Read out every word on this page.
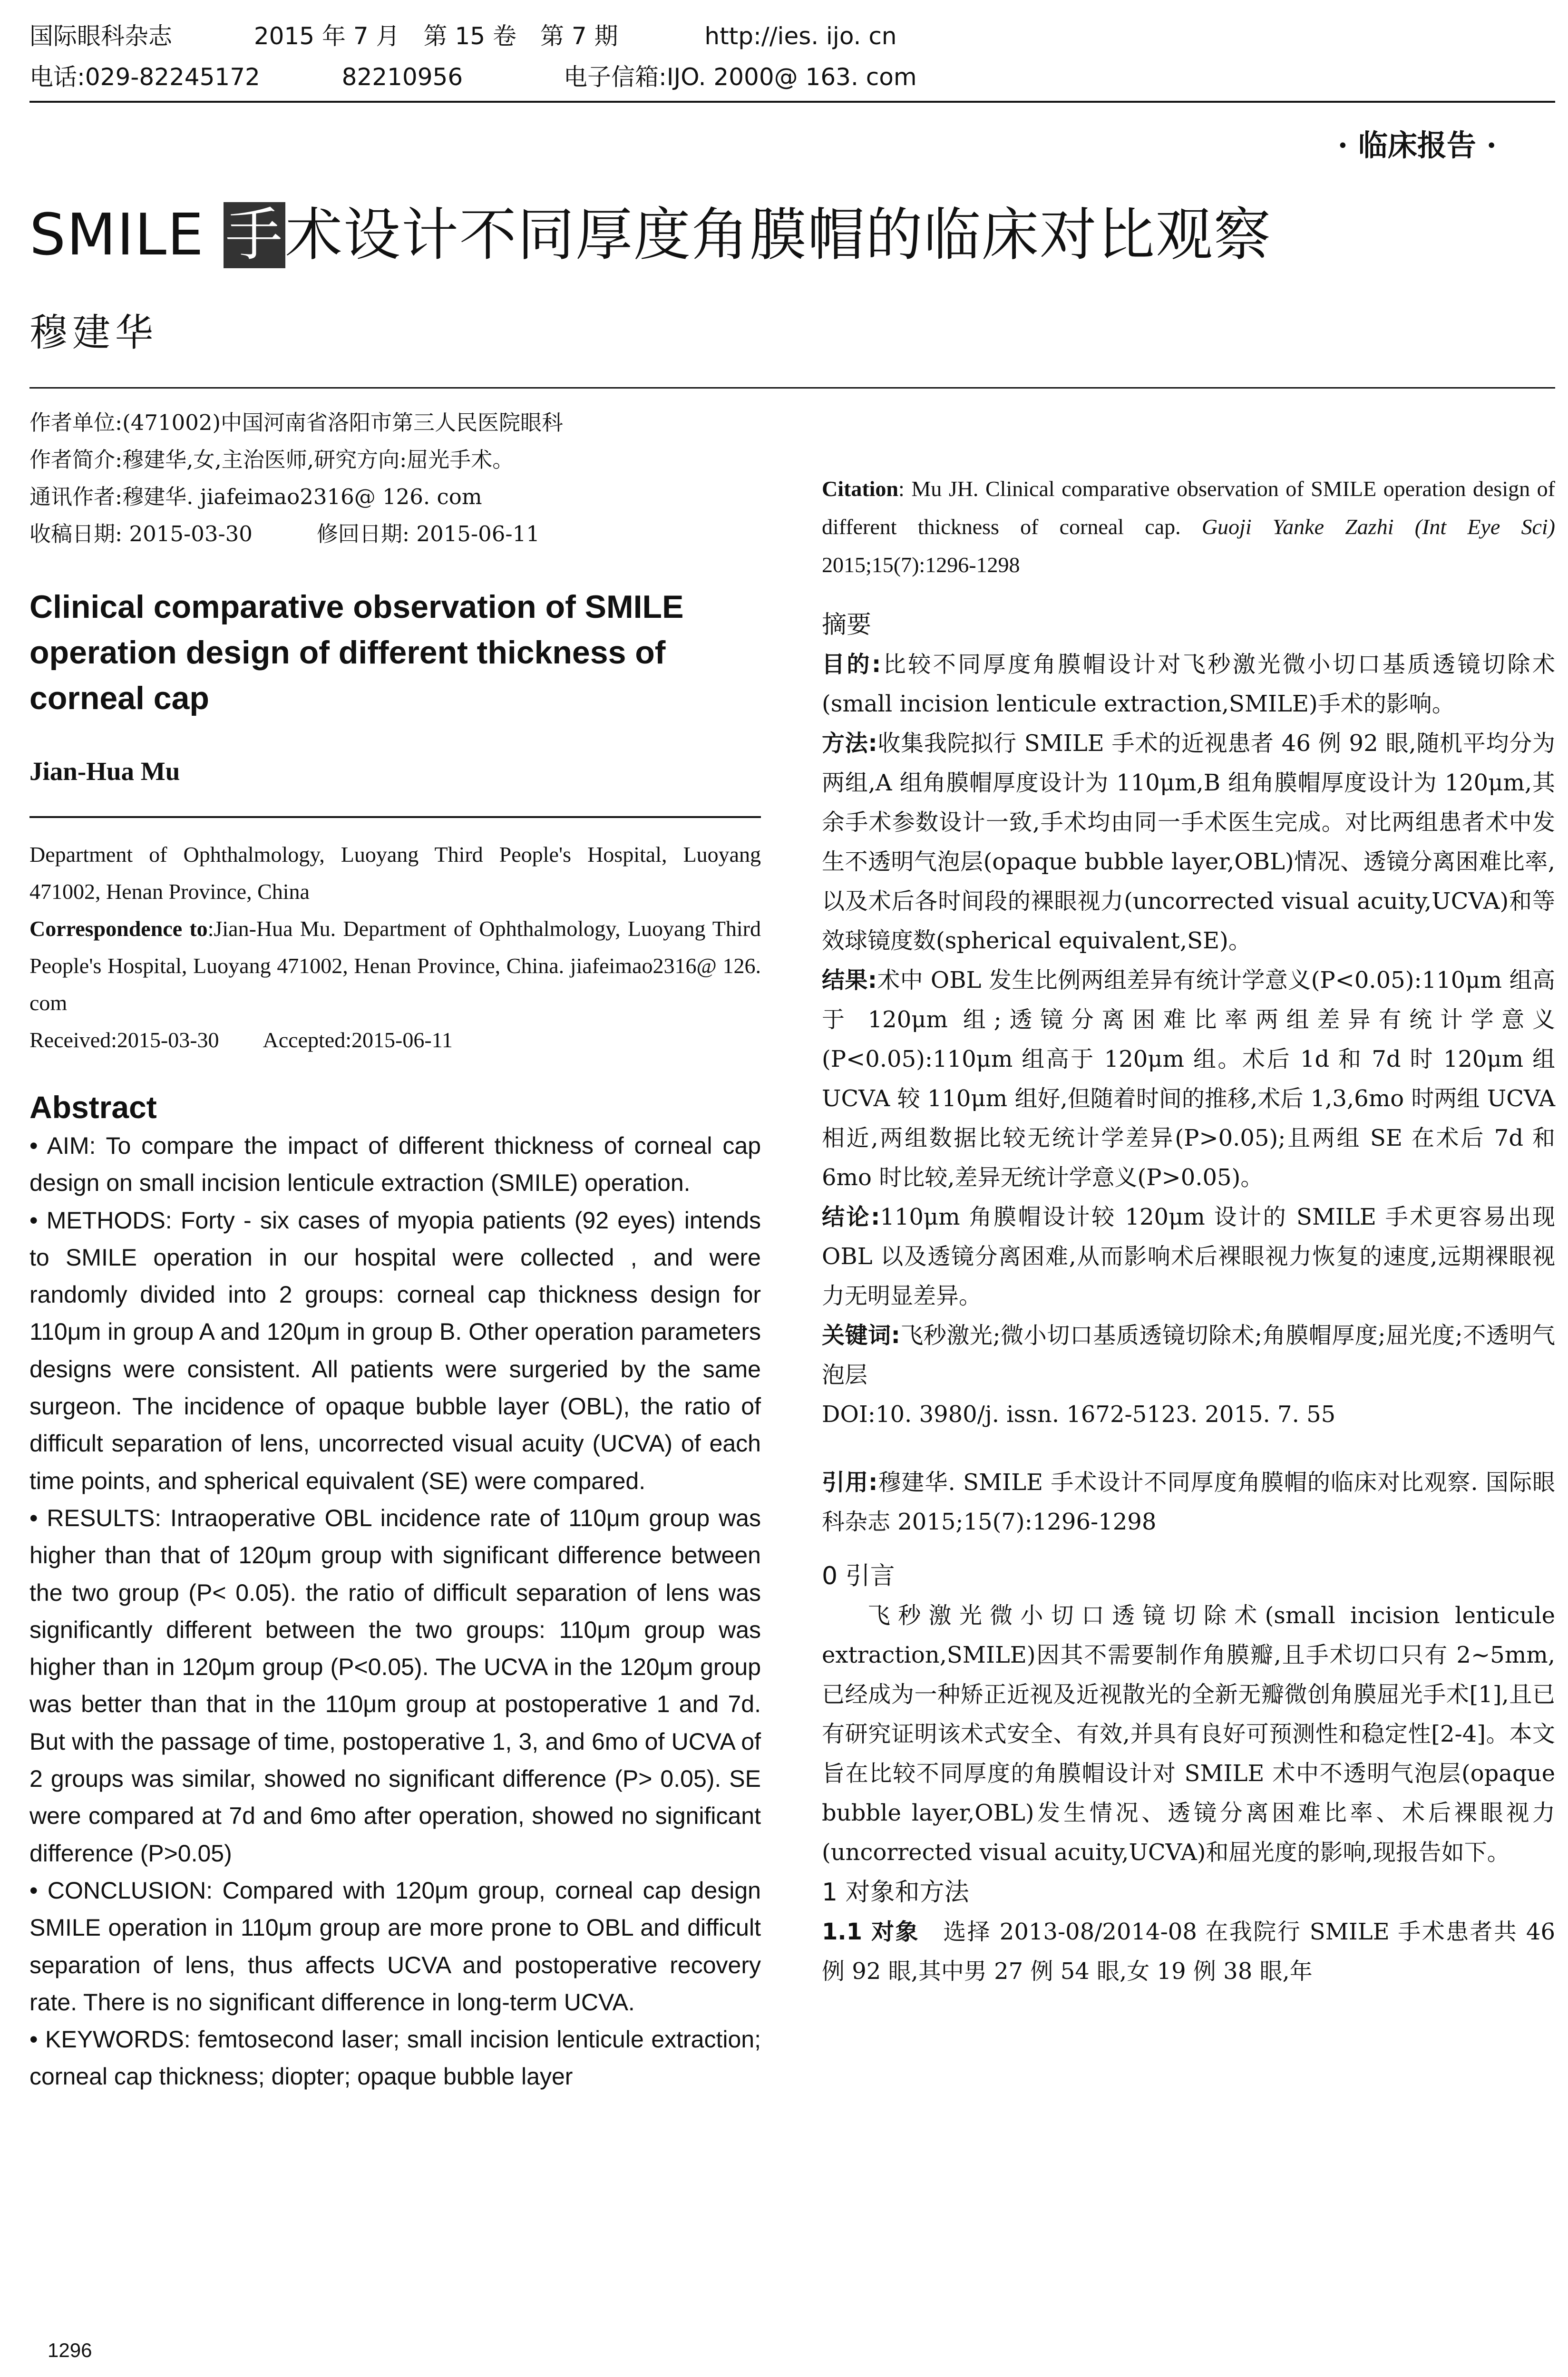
国际眼科杂志	2015 年 7 月　第 15 卷　第 7 期	http://ies. ijo. cn
电话:029-82245172	82210956	电子信箱:IJO. 2000@ 163. com
· 临床报告 ·
SMILE 手术设计不同厚度角膜帽的临床对比观察
穆建华

作者单位:(471002)中国河南省洛阳市第三人民医院眼科

作者简介:穆建华,女,主治医师,研究方向:屈光手术。

通讯作者:穆建华. jiafeimao2316@ 126. com

收稿日期: 2015-03-30　　　修回日期: 2015-06-11

Clinical comparative observation of SMILE operation design of different thickness of corneal cap

Jian-Hua Mu

Department of Ophthalmology, Luoyang Third People's Hospital, Luoyang 471002, Henan Province, China

Correspondence to:Jian-Hua Mu. Department of Ophthalmology, Luoyang Third People's Hospital, Luoyang 471002, Henan Province, China. jiafeimao2316@ 126. com

Received:2015-03-30　　Accepted:2015-06-11

Abstract

• AIM: To compare the impact of different thickness of corneal cap design on small incision lenticule extraction (SMILE) operation.

• METHODS: Forty - six cases of myopia patients (92 eyes) intends to SMILE operation in our hospital were collected , and were randomly divided into 2 groups: corneal cap thickness design for 110μm in group A and 120μm in group B. Other operation parameters designs were consistent. All patients were surgeried by the same surgeon. The incidence of opaque bubble layer (OBL), the ratio of difficult separation of lens, uncorrected visual acuity (UCVA) of each time points, and spherical equivalent (SE) were compared.

• RESULTS: Intraoperative OBL incidence rate of 110μm group was higher than that of 120μm group with significant difference between the two group (P< 0.05). the ratio of difficult separation of lens was significantly different between the two groups: 110μm group was higher than in 120μm group (P<0.05). The UCVA in the 120μm group was better than that in the 110μm group at postoperative 1 and 7d. But with the passage of time, postoperative 1, 3, and 6mo of UCVA of 2 groups was similar, showed no significant difference (P> 0.05). SE were compared at 7d and 6mo after operation, showed no significant difference (P>0.05)

• CONCLUSION: Compared with 120μm group, corneal cap design SMILE operation in 110μm group are more prone to OBL and difficult separation of lens, thus affects UCVA and postoperative recovery rate. There is no significant difference in long-term UCVA.

• KEYWORDS: femtosecond laser; small incision lenticule extraction; corneal cap thickness; diopter; opaque bubble layer

Citation: Mu JH. Clinical comparative observation of SMILE operation design of different thickness of corneal cap. Guoji Yanke Zazhi (Int Eye Sci) 2015;15(7):1296-1298

摘要

目的:比较不同厚度角膜帽设计对飞秒激光微小切口基质透镜切除术(small incision lenticule extraction,SMILE)手术的影响。

方法:收集我院拟行 SMILE 手术的近视患者 46 例 92 眼,随机平均分为两组,A 组角膜帽厚度设计为 110μm,B 组角膜帽厚度设计为 120μm,其余手术参数设计一致,手术均由同一手术医生完成。对比两组患者术中发生不透明气泡层(opaque bubble layer,OBL)情况、透镜分离困难比率,以及术后各时间段的裸眼视力(uncorrected visual acuity,UCVA)和等效球镜度数(spherical equivalent,SE)。

结果:术中 OBL 发生比例两组差异有统计学意义(P<0.05):110μm 组高于 120μm 组;透镜分离困难比率两组差异有统计学意义(P<0.05):110μm 组高于 120μm 组。术后 1d 和 7d 时 120μm 组 UCVA 较 110μm 组好,但随着时间的推移,术后 1,3,6mo 时两组 UCVA 相近,两组数据比较无统计学差异(P>0.05);且两组 SE 在术后 7d 和 6mo 时比较,差异无统计学意义(P>0.05)。

结论:110μm 角膜帽设计较 120μm 设计的 SMILE 手术更容易出现 OBL 以及透镜分离困难,从而影响术后裸眼视力恢复的速度,远期裸眼视力无明显差异。

关键词:飞秒激光;微小切口基质透镜切除术;角膜帽厚度;屈光度;不透明气泡层

DOI:10. 3980/j. issn. 1672-5123. 2015. 7. 55

引用:穆建华. SMILE 手术设计不同厚度角膜帽的临床对比观察. 国际眼科杂志 2015;15(7):1296-1298

0 引言

飞秒激光微小切口透镜切除术(small incision lenticule extraction,SMILE)因其不需要制作角膜瓣,且手术切口只有 2~5mm,已经成为一种矫正近视及近视散光的全新无瓣微创角膜屈光手术[1],且已有研究证明该术式安全、有效,并具有良好可预测性和稳定性[2-4]。本文旨在比较不同厚度的角膜帽设计对 SMILE 术中不透明气泡层(opaque bubble layer,OBL)发生情况、透镜分离困难比率、术后裸眼视力(uncorrected visual acuity,UCVA)和屈光度的影响,现报告如下。

1 对象和方法

1.1 对象　 选择 2013-08/2014-08 在我院行 SMILE 手术患者共 46 例 92 眼,其中男 27 例 54 眼,女 19 例 38 眼,年

1296
